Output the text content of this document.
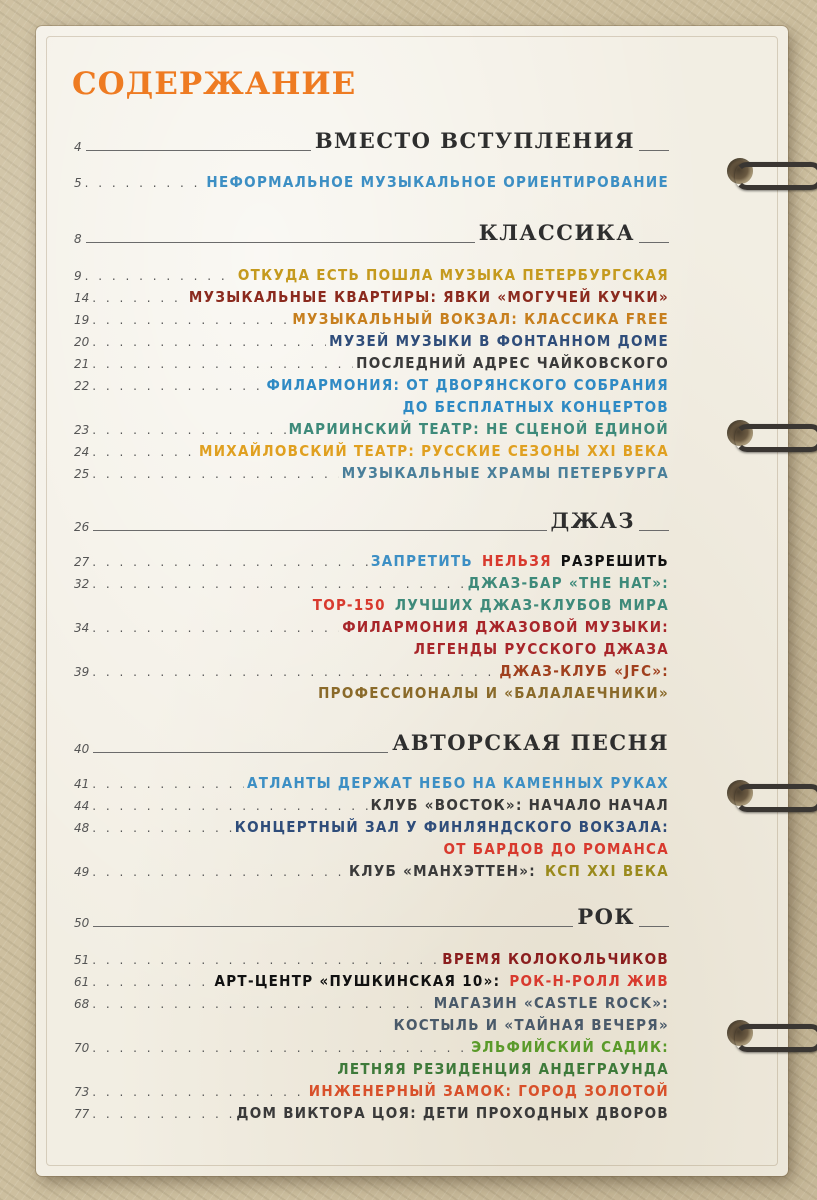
СОДЕРЖАНИЕ
4	ВМЕСТО ВСТУПЛЕНИЯ
5 . . .	НЕФОРМАЛЬНОЕ МУЗЫКАЛЬНОЕ ОРИЕНТИРОВАНИЕ
8	КЛАССИКА
9 . . .	ОТКУДА ЕСТЬ ПОШЛА МУЗЫКА ПЕТЕРБУРГСКАЯ
14 . . .	МУЗЫКАЛЬНЫЕ КВАРТИРЫ: ЯВКИ «МОГУЧЕЙ КУЧКИ»
19 . . .	МУЗЫКАЛЬНЫЙ ВОКЗАЛ: КЛАССИКА FREE
20 . . .	МУЗЕЙ МУЗЫКИ В ФОНТАННОМ ДОМЕ
21 . . .	ПОСЛЕДНИЙ АДРЕС ЧАЙКОВСКОГО
22 . . .	ФИЛАРМОНИЯ: ОТ ДВОРЯНСКОГО СОБРАНИЯ
ДО БЕСПЛАТНЫХ КОНЦЕРТОВ
23 . . .	МАРИИНСКИЙ ТЕАТР: НЕ СЦЕНОЙ ЕДИНОЙ
24 . . .	МИХАЙЛОВСКИЙ ТЕАТР: РУССКИЕ СЕЗОНЫ XXI ВЕКА
25 . . .	МУЗЫКАЛЬНЫЕ ХРАМЫ ПЕТЕРБУРГА
26	ДЖАЗ
27 . . .	ЗАПРЕТИТЬ НЕЛЬЗЯ РАЗРЕШИТЬ
32 . . .	ДЖАЗ-БАР «THE HAT»:
TOP-150 ЛУЧШИХ ДЖАЗ-КЛУБОВ МИРА
34 . . .	ФИЛАРМОНИЯ ДЖАЗОВОЙ МУЗЫКИ:
ЛЕГЕНДЫ РУССКОГО ДЖАЗА
39 . . .	ДЖАЗ-КЛУБ «JFC»:
ПРОФЕССИОНАЛЫ И «БАЛАЛАЕЧНИКИ»
40	АВТОРСКАЯ ПЕСНЯ
41 . . .	АТЛАНТЫ ДЕРЖАТ НЕБО НА КАМЕННЫХ РУКАХ
44 . . .	КЛУБ «ВОСТОК»: НАЧАЛО НАЧАЛ
48 . . .	КОНЦЕРТНЫЙ ЗАЛ У ФИНЛЯНДСКОГО ВОКЗАЛА:
ОТ БАРДОВ ДО РОМАНСА
49 . . .	КЛУБ «МАНХЭТТЕН»: КСП XXI ВЕКА
50	РОК
51 . . .	ВРЕМЯ КОЛОКОЛЬЧИКОВ
61 . . .	АРТ-ЦЕНТР «ПУШКИНСКАЯ 10»: РОК-Н-РОЛЛ ЖИВ
68 . . .	МАГАЗИН «CASTLE ROCK»:
КОСТЫЛЬ И «ТАЙНАЯ ВЕЧЕРЯ»
70 . . .	ЭЛЬФИЙСКИЙ САДИК:
ЛЕТНЯЯ РЕЗИДЕНЦИЯ АНДЕГРАУНДА
73 . . .	ИНЖЕНЕРНЫЙ ЗАМОК: ГОРОД ЗОЛОТОЙ
77 . . .	ДОМ ВИКТОРА ЦОЯ: ДЕТИ ПРОХОДНЫХ ДВОРОВ
